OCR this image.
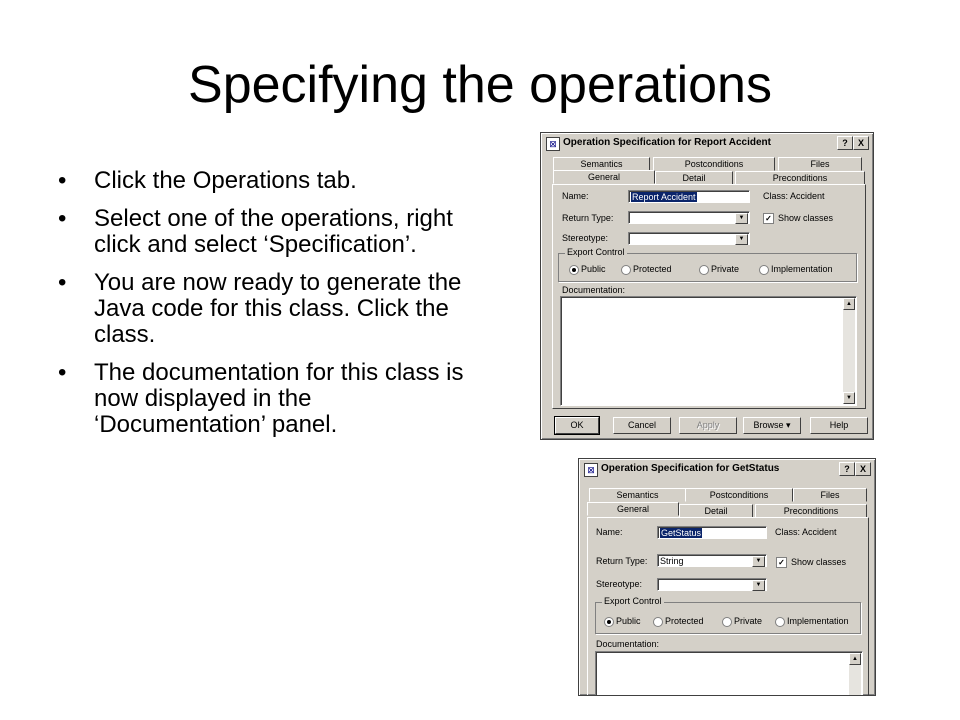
Specifying the operations
• Click the Operations tab.
• Select one of the operations, right click and select ‘Specification’.
• You are now ready to generate the Java code for this class. Click the class.
• The documentation for this class is now displayed in the ‘Documentation’ panel.
⊠ Operation Specification for Report Accident	?	X
Semantics	Postconditions	Files
General	Detail	Preconditions
Name:	Report Accident	Class: Accident
Return Type:	▼	✓ Show classes
Stereotype:	▼
Export Control
Public	Protected	Private	Implementation
Documentation:
▲
▼
OK	Cancel	Apply	Browse ▾	Help
⊠ Operation Specification for GetStatus	?	X
Semantics	Postconditions	Files
General	Detail	Preconditions
Name:	GetStatus	Class: Accident
Return Type:	String	▼	✓ Show classes
Stereotype:	▼
Export Control
Public	Protected	Private	Implementation
Documentation:
▲
